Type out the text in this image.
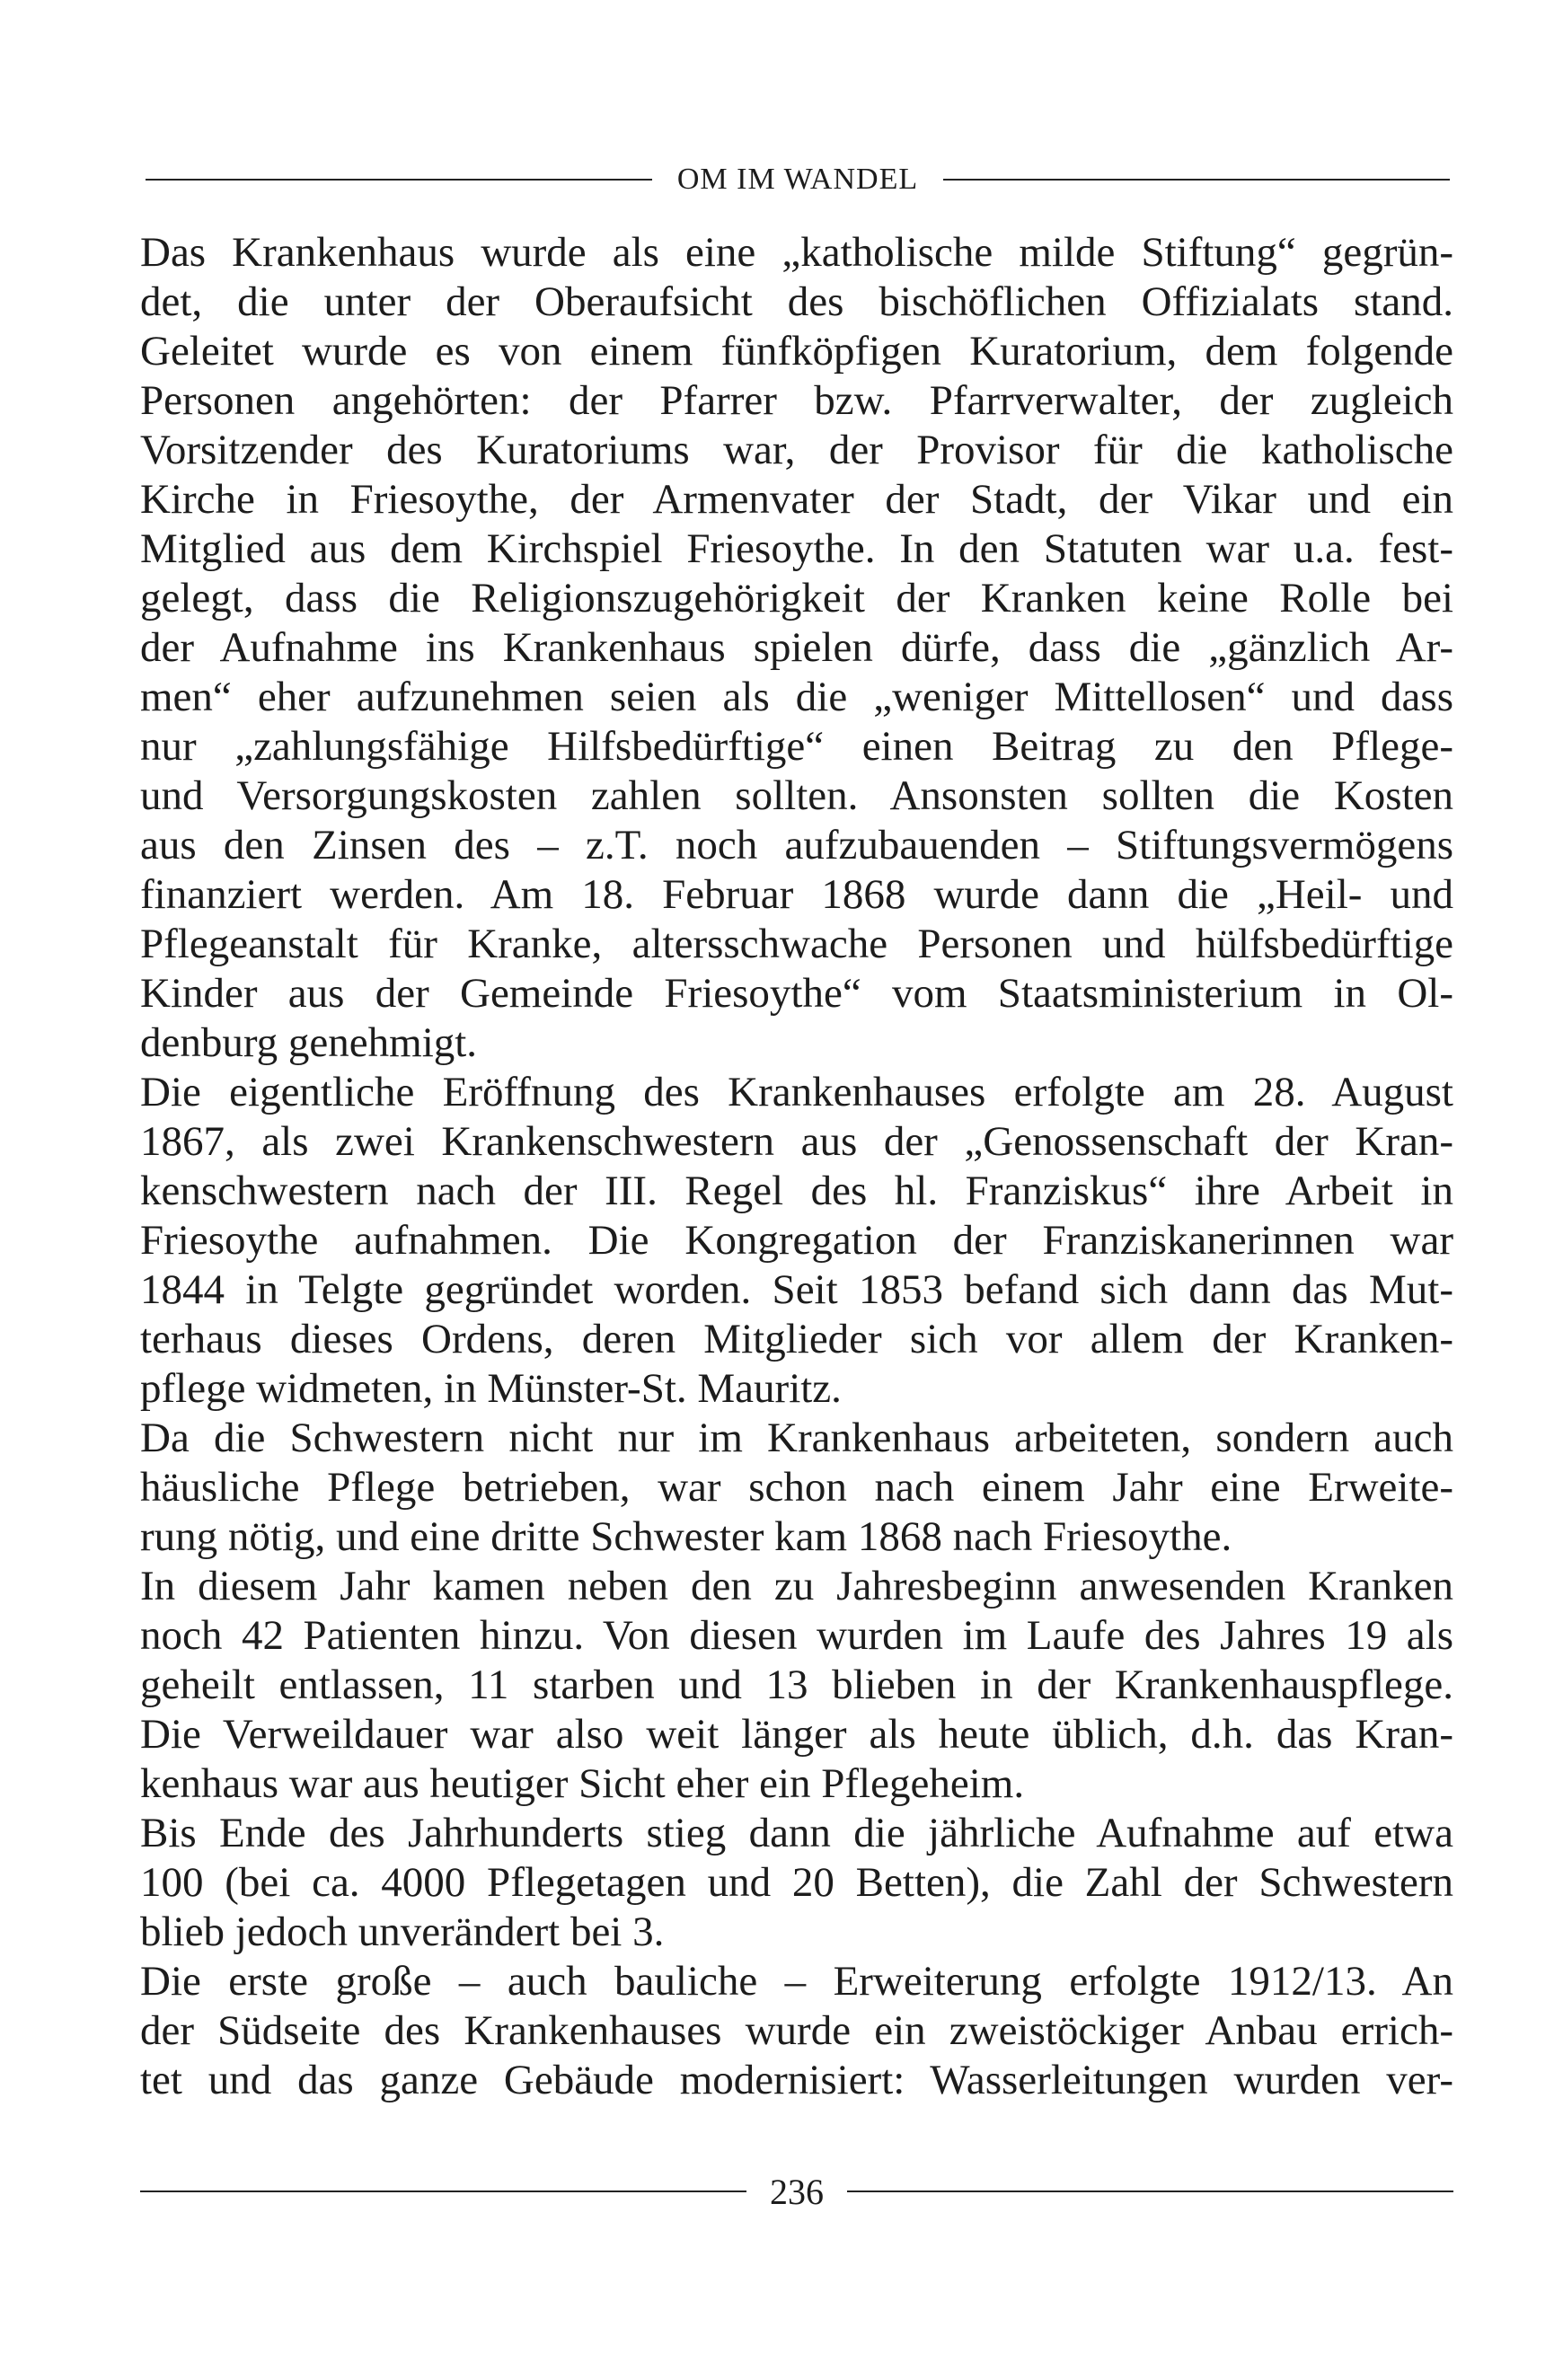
OM IM WANDEL
Das Krankenhaus wurde als eine „katholische milde Stiftung“ gegrün-
det, die unter der Oberaufsicht des bischöflichen Offizialats stand.
Geleitet wurde es von einem fünfköpfigen Kuratorium, dem folgende
Personen angehörten: der Pfarrer bzw. Pfarrverwalter, der zugleich
Vorsitzender des Kuratoriums war, der Provisor für die katholische
Kirche in Friesoythe, der Armenvater der Stadt, der Vikar und ein
Mitglied aus dem Kirchspiel Friesoythe. In den Statuten war u.a. fest-
gelegt, dass die Religionszugehörigkeit der Kranken keine Rolle bei
der Aufnahme ins Krankenhaus spielen dürfe, dass die „gänzlich Ar-
men“ eher aufzunehmen seien als die „weniger Mittellosen“ und dass
nur „zahlungsfähige Hilfsbedürftige“ einen Beitrag zu den Pflege-
und Versorgungskosten zahlen sollten. Ansonsten sollten die Kosten
aus den Zinsen des – z.T. noch aufzubauenden – Stiftungsvermögens
finanziert werden. Am 18. Februar 1868 wurde dann die „Heil- und
Pflegeanstalt für Kranke, altersschwache Personen und hülfsbedürftige
Kinder aus der Gemeinde Friesoythe“ vom Staatsministerium in Ol-
denburg genehmigt.
Die eigentliche Eröffnung des Krankenhauses erfolgte am 28. August
1867, als zwei Krankenschwestern aus der „Genossenschaft der Kran-
kenschwestern nach der III. Regel des hl. Franziskus“ ihre Arbeit in
Friesoythe aufnahmen. Die Kongregation der Franziskanerinnen war
1844 in Telgte gegründet worden. Seit 1853 befand sich dann das Mut-
terhaus dieses Ordens, deren Mitglieder sich vor allem der Kranken-
pflege widmeten, in Münster-St. Mauritz.
Da die Schwestern nicht nur im Krankenhaus arbeiteten, sondern auch
häusliche Pflege betrieben, war schon nach einem Jahr eine Erweite-
rung nötig, und eine dritte Schwester kam 1868 nach Friesoythe.
In diesem Jahr kamen neben den zu Jahresbeginn anwesenden Kranken
noch 42 Patienten hinzu. Von diesen wurden im Laufe des Jahres 19 als
geheilt entlassen, 11 starben und 13 blieben in der Krankenhauspflege.
Die Verweildauer war also weit länger als heute üblich, d.h. das Kran-
kenhaus war aus heutiger Sicht eher ein Pflegeheim.
Bis Ende des Jahrhunderts stieg dann die jährliche Aufnahme auf etwa
100 (bei ca. 4000 Pflegetagen und 20 Betten), die Zahl der Schwestern
blieb jedoch unverändert bei 3.
Die erste große – auch bauliche – Erweiterung erfolgte 1912/13. An
der Südseite des Krankenhauses wurde ein zweistöckiger Anbau errich-
tet und das ganze Gebäude modernisiert: Wasserleitungen wurden ver-
236
